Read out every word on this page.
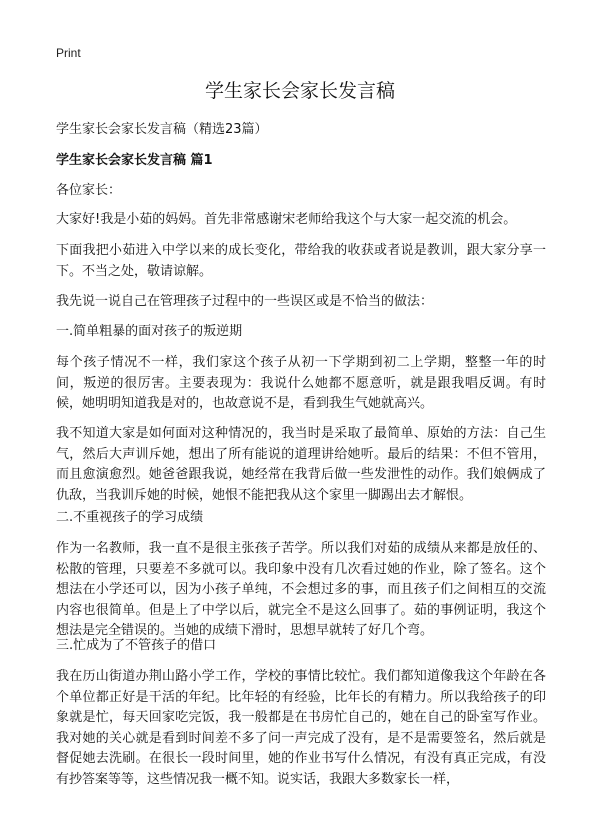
Print
学生家长会家长发言稿
学生家长会家长发言稿（精选23篇）
学生家长会家长发言稿 篇1
各位家长：

大家好!我是小茹的妈妈。首先非常感谢宋老师给我这个与大家一起交流的机会。

下面我把小茹进入中学以来的成长变化，带给我的收获或者说是教训，跟大家分享一下。不当之处，敬请谅解。

我先说一说自己在管理孩子过程中的一些误区或是不恰当的做法：

一.简单粗暴的面对孩子的叛逆期

每个孩子情况不一样，我们家这个孩子从初一下学期到初二上学期，整整一年的时间，叛逆的很厉害。主要表现为：我说什么她都不愿意听，就是跟我唱反调。有时候，她明明知道我是对的，也故意说不是，看到我生气她就高兴。

我不知道大家是如何面对这种情况的，我当时是采取了最简单、原始的方法：自己生气，然后大声训斥她，想出了所有能说的道理讲给她听。最后的结果：不但不管用，而且愈演愈烈。她爸爸跟我说，她经常在我背后做一些发泄性的动作。我们娘俩成了仇敌，当我训斥她的时候，她恨不能把我从这个家里一脚踢出去才解恨。

二.不重视孩子的学习成绩

作为一名教师，我一直不是很主张孩子苦学。所以我们对茹的成绩从来都是放任的、松散的管理，只要差不多就可以。我印象中没有几次看过她的作业，除了签名。这个想法在小学还可以，因为小孩子单纯，不会想过多的事，而且孩子们之间相互的交流内容也很简单。但是上了中学以后，就完全不是这么回事了。茹的事例证明，我这个想法是完全错误的。当她的成绩下滑时，思想早就转了好几个弯。

三.忙成为了不管孩子的借口

我在历山街道办荆山路小学工作，学校的事情比较忙。我们都知道像我这个年龄在各个单位都正好是干活的年纪。比年轻的有经验，比年长的有精力。所以我给孩子的印象就是忙，每天回家吃完饭，我一般都是在书房忙自己的，她在自己的卧室写作业。我对她的关心就是看到时间差不多了问一声完成了没有，是不是需要签名，然后就是督促她去洗刷。在很长一段时间里，她的作业书写什么情况，有没有真正完成，有没有抄答案等等，这些情况我一概不知。说实话，我跟大多数家长一样，
